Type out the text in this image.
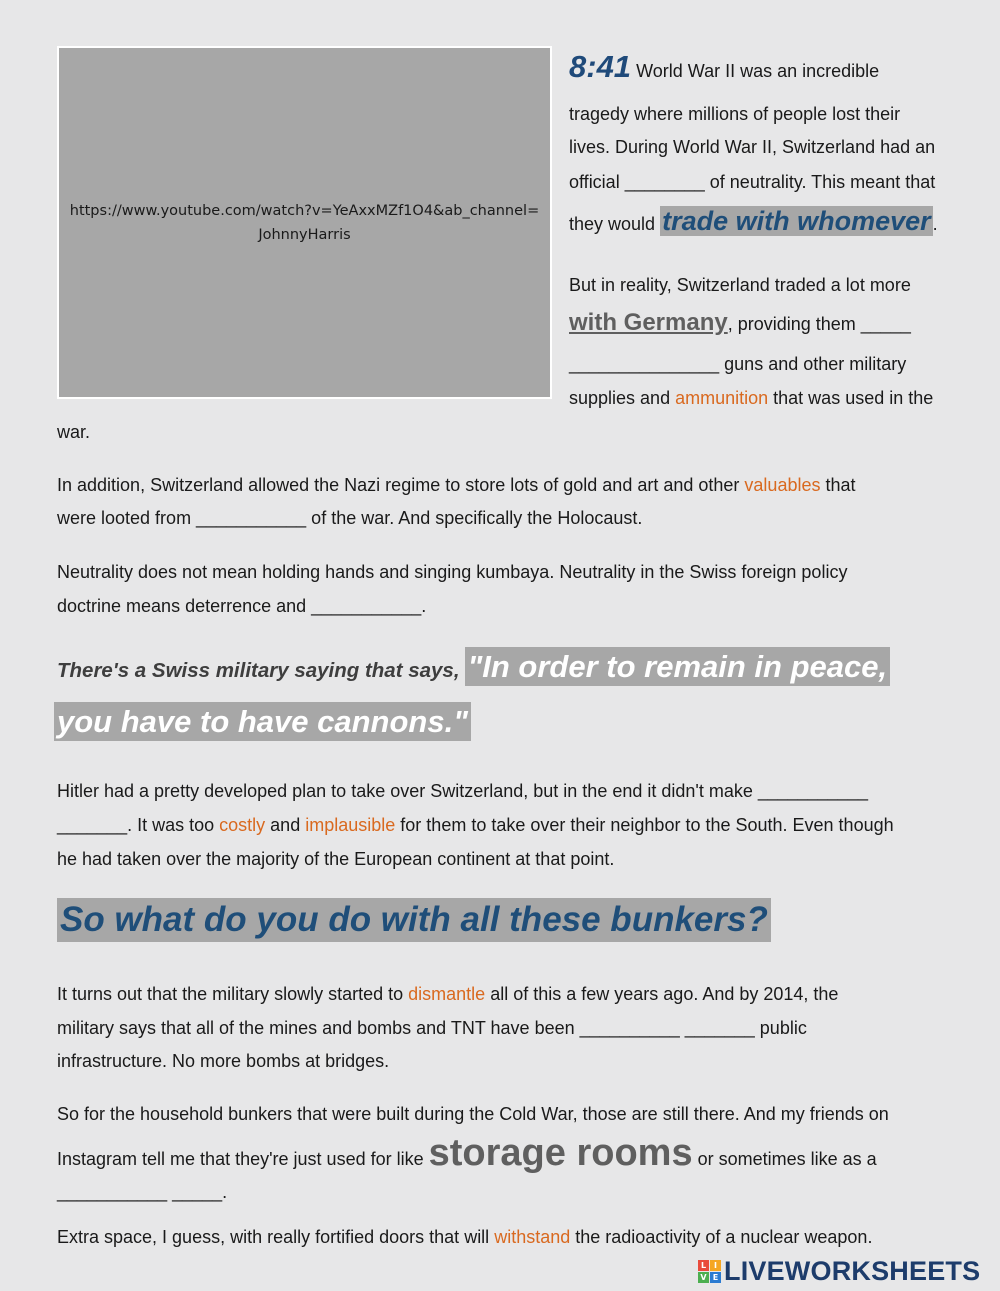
https://www.youtube.com/watch?v=YeAxxMZf1O4&ab_channel=JohnnyHarris
8:41 World War II was an incredible
tragedy where millions of people lost their
lives. During World War II, Switzerland had an
official ________ of neutrality. This meant that
they would trade with whomever .
But in reality, Switzerland traded a lot more
with Germany, providing them _____
_______________ guns and other military
supplies and ammunition that was used in the
war.
In addition, Switzerland allowed the Nazi regime to store lots of gold and art and other valuables that
were looted from ___________ of the war. And specifically the Holocaust.
Neutrality does not mean holding hands and singing kumbaya. Neutrality in the Swiss foreign policy
doctrine means deterrence and ___________.
There's a Swiss military saying that says, "In order to remain in peace,
you have to have cannons."
Hitler had a pretty developed plan to take over Switzerland, but in the end it didn't make ___________
_______. It was too costly and implausible for them to take over their neighbor to the South. Even though
he had taken over the majority of the European continent at that point.
So what do you do with all these bunkers?
It turns out that the military slowly started to dismantle all of this a few years ago. And by 2014, the
military says that all of the mines and bombs and TNT have been __________ _______ public
infrastructure. No more bombs at bridges.
So for the household bunkers that were built during the Cold War, those are still there. And my friends on
Instagram tell me that they're just used for like storage rooms or sometimes like as a
___________ _____.
Extra space, I guess, with really fortified doors that will withstand the radioactivity of a nuclear weapon.
L I
V E LIVEWORKSHEETS
